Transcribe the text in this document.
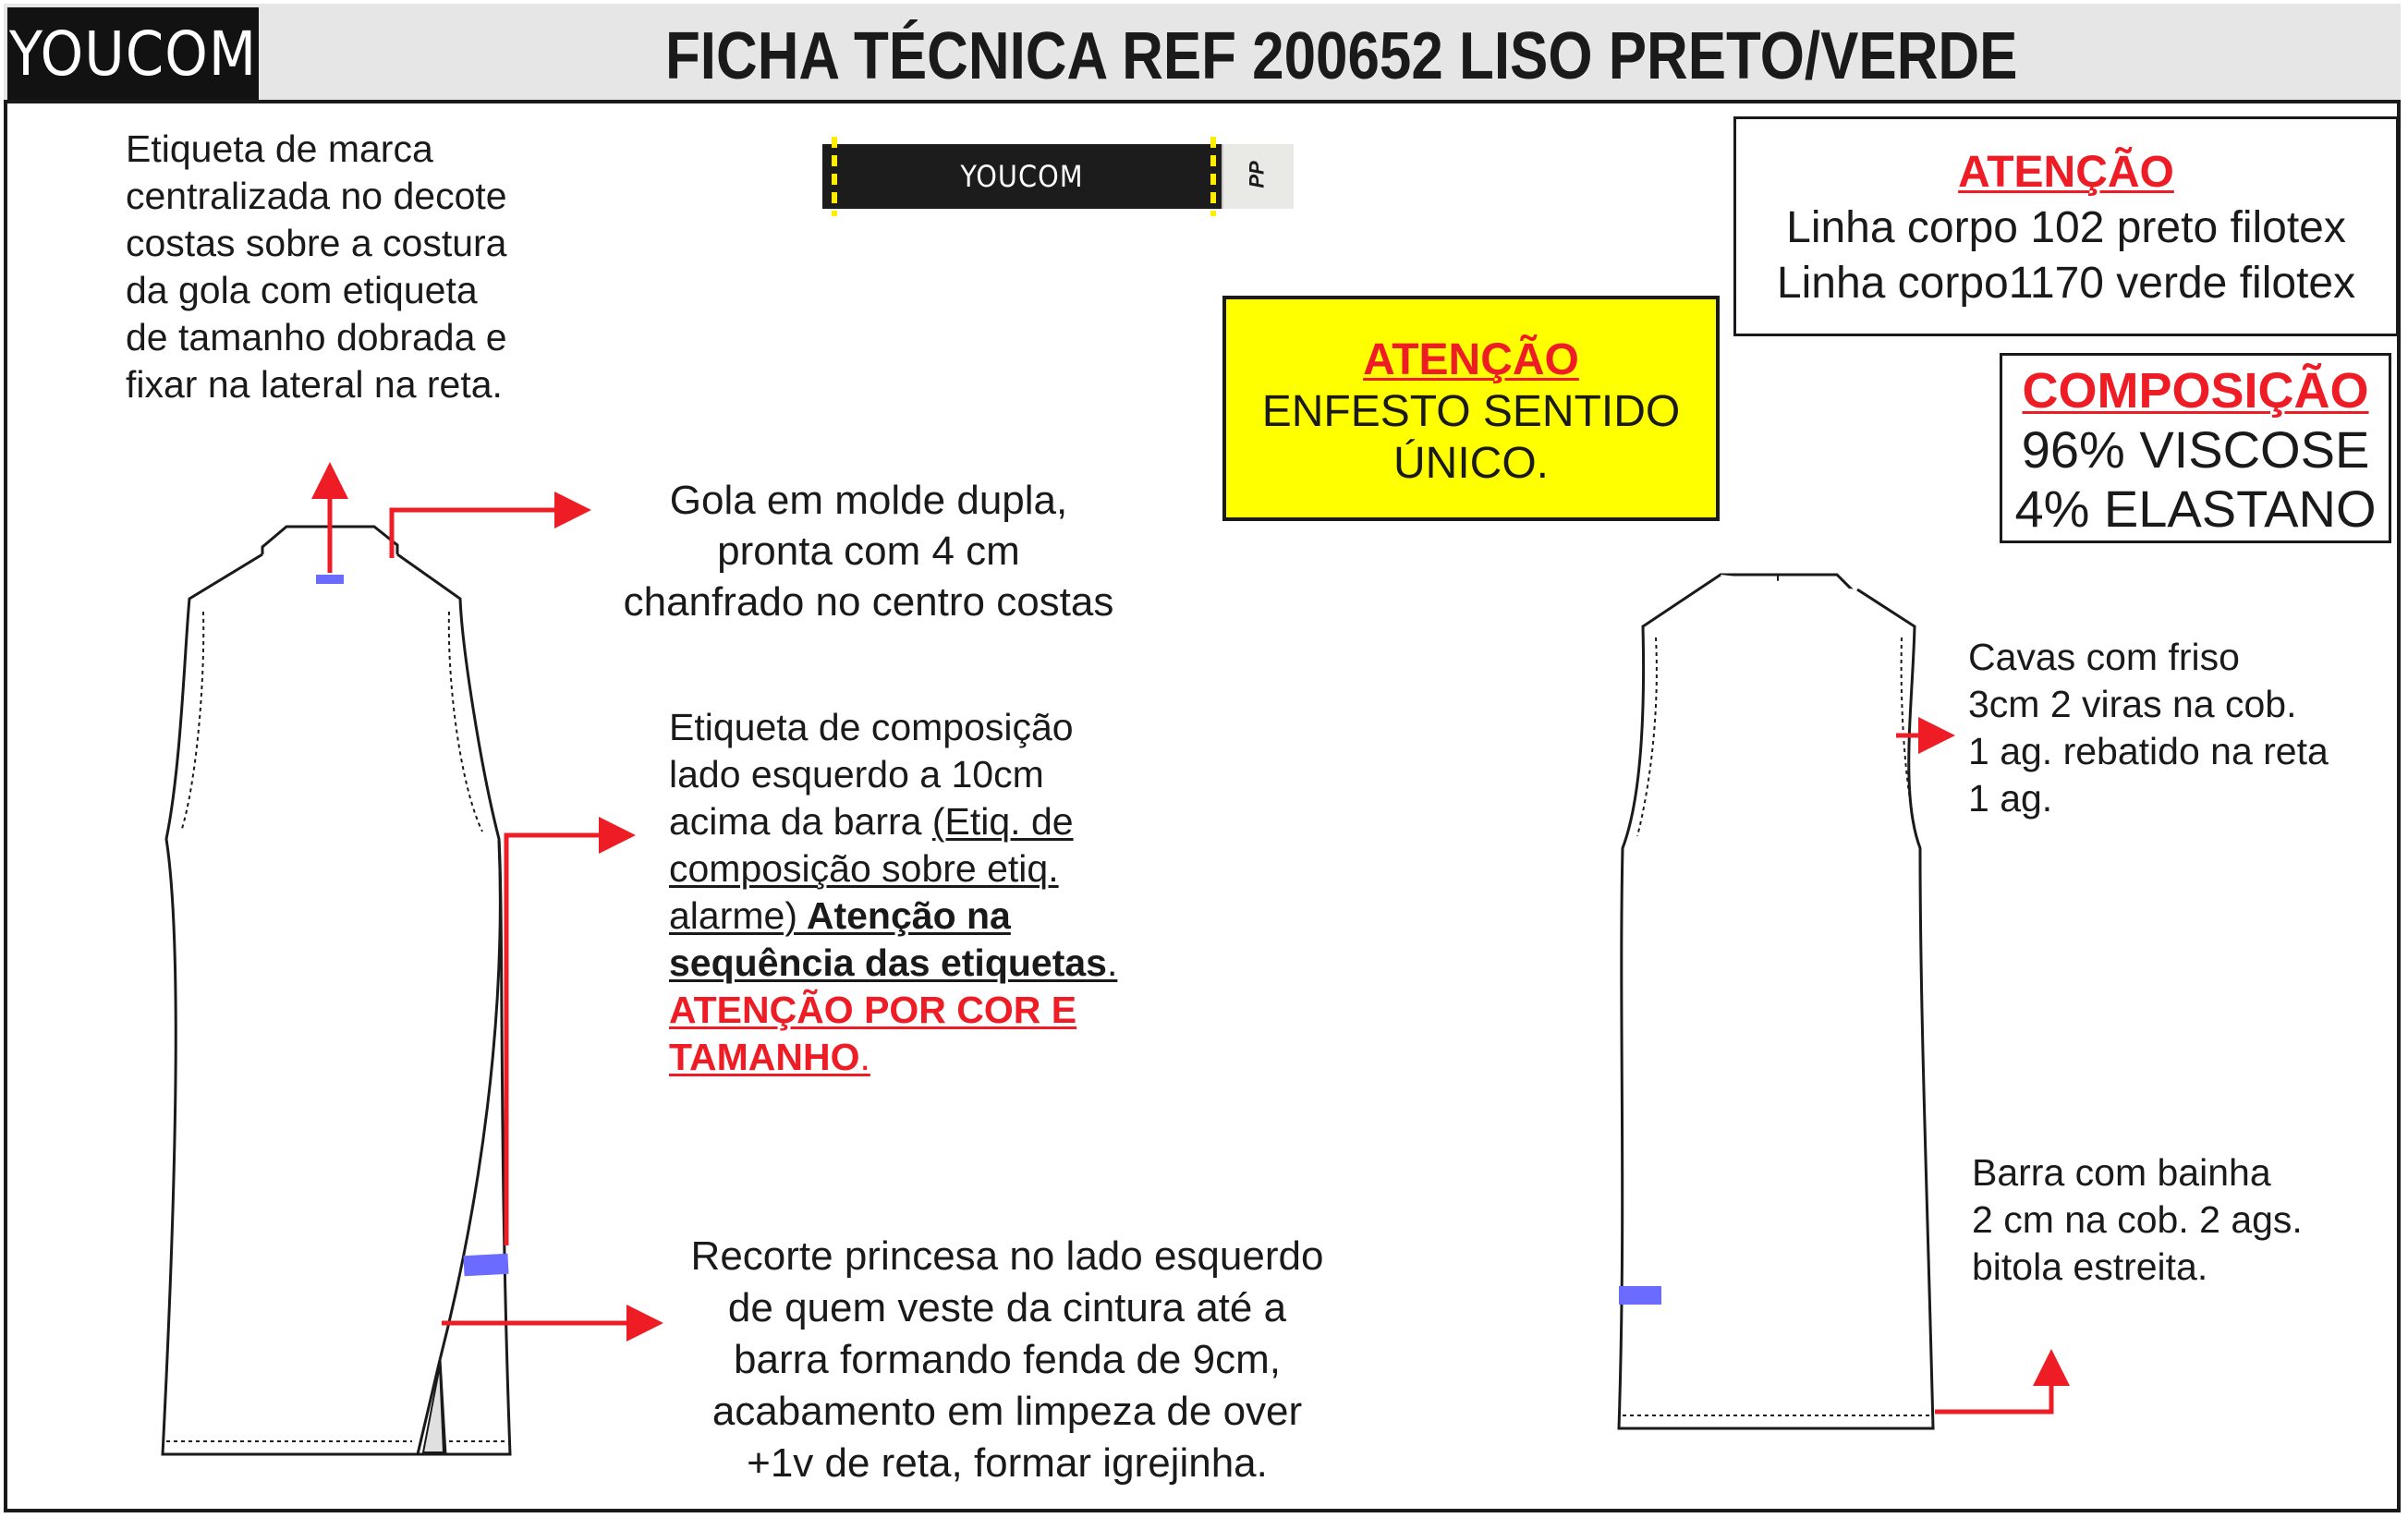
YOUCOM	FICHA TÉCNICA REF 200652 LISO PRETO/VERDE
YOUCOM	PP
Etiqueta de marca
centralizada no decote
costas sobre a costura
da gola com etiqueta
de tamanho dobrada e
fixar na lateral na reta.
Gola em molde dupla,
pronta com 4 cm
chanfrado no centro costas
Etiqueta de composição
lado esquerdo a 10cm
acima da barra (Etiq. de
composição sobre etiq.
alarme) Atenção na
sequência das etiquetas.
ATENÇÃO POR COR E
TAMANHO.
Recorte princesa no lado esquerdo
de quem veste da cintura até a
barra formando fenda de 9cm,
acabamento em limpeza de over
+1v de reta, formar igrejinha.
Cavas com friso
3cm 2 viras na cob.
1 ag. rebatido na reta
1 ag.
Barra com bainha
2 cm na cob. 2 ags.
bitola estreita.
ATENÇÃO
ENFESTO SENTIDO
ÚNICO.
ATENÇÃO
Linha corpo 102 preto filotex
Linha corpo1170 verde filotex
COMPOSIÇÃO
96% VISCOSE
4% ELASTANO
